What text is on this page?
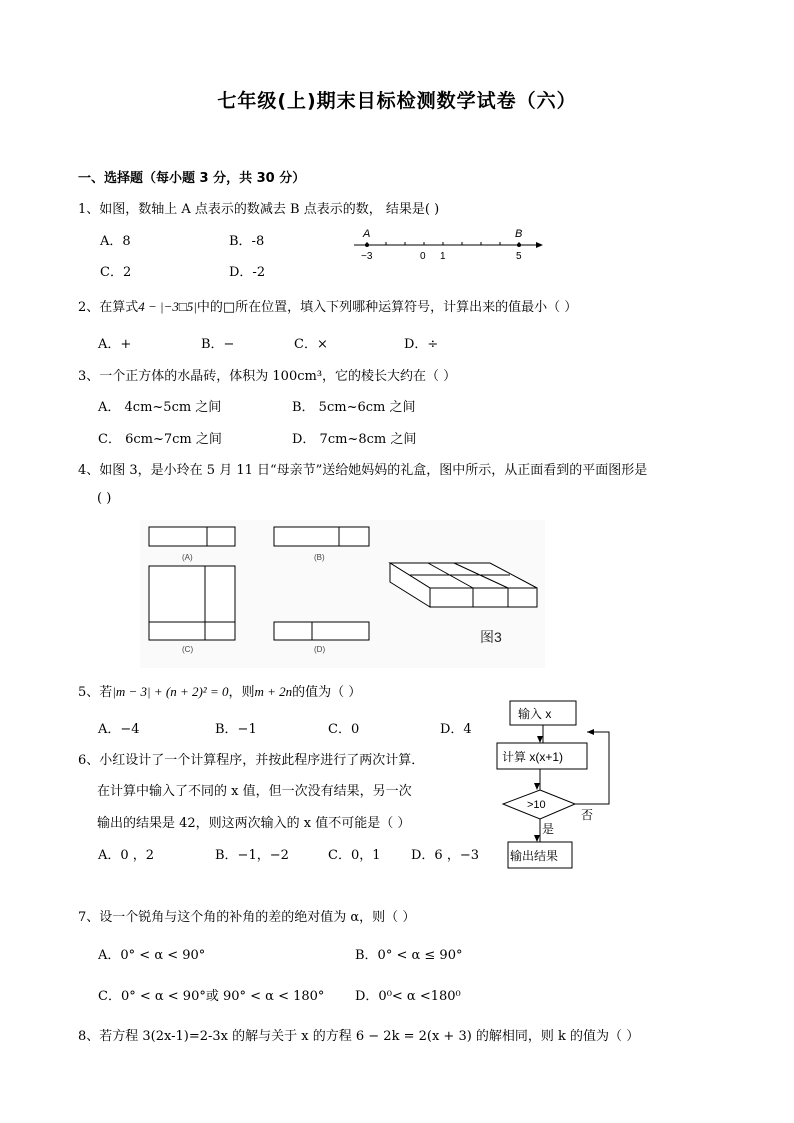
七年级(上)期末目标检测数学试卷（六）
一、选择题（每小题 3 分，共 30 分）
1、如图，数轴上 A 点表示的数减去 B 点表示的数， 结果是( )
A．8	B．-8
C．2	D．-2
A	B
−3	0 1	5
2、在算式4 − |−3□5|中的□所在位置，填入下列哪种运算符号，计算出来的值最小（ ）
A．+	B．−	C．×	D．÷
3、一个正方体的水晶砖，体积为 100cm³，它的棱长大约在（ ）
A． 4cm~5cm 之间	B． 5cm~6cm 之间
C． 6cm~7cm 之间	D． 7cm~8cm 之间
4、如图 3，是小玲在 5 月 11 日“母亲节”送给她妈妈的礼盒，图中所示，从正面看到的平面图形是
( )
(A)	(B)
(C)	(D)
图3
5、若|m − 3| + (n + 2)² = 0，则m + 2n的值为（ ）
A．−4	B．−1	C．0	D．4
6、小红设计了一个计算程序，并按此程序进行了两次计算．
在计算中输入了不同的 x 值，但一次没有结果，另一次
输出的结果是 42，则这两次输入的 x 值不可能是（ ）
A．0 ，2	B．−1，−2	C．0，1 D．6 ，−3
输入 x
计算 x(x+1)
>10
是
否
输出结果
7、设一个锐角与这个角的补角的差的绝对值为 α，则（ ）
A．0° < α < 90°	B．0° < α ≤ 90°
C．0° < α < 90°或 90° < α < 180° D．0⁰< α <180⁰
8、若方程 3(2x-1)=2-3x 的解与关于 x 的方程 6 − 2k = 2(x + 3) 的解相同，则 k 的值为（ ）
